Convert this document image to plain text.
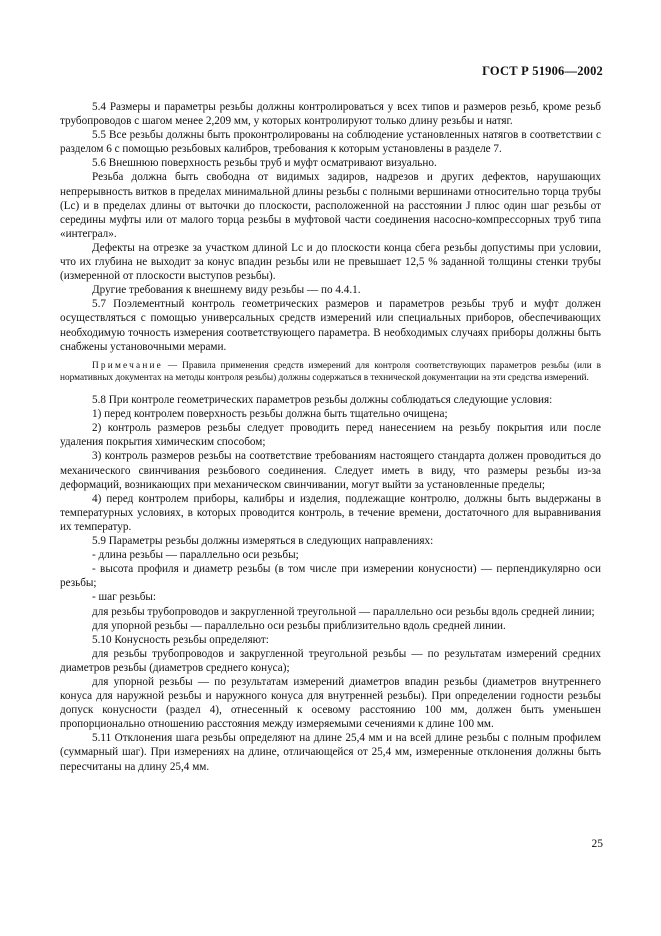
ГОСТ Р 51906—2002

5.4 Размеры и параметры резьбы должны контролироваться у всех типов и размеров резьб, кроме резьб трубопроводов с шагом менее 2,209 мм, у которых контролируют только длину резьбы и натяг.

5.5 Все резьбы должны быть проконтролированы на соблюдение установленных натягов в соответствии с разделом 6 с помощью резьбовых калибров, требования к которым установлены в разделе 7.

5.6 Внешнюю поверхность резьбы труб и муфт осматривают визуально.

Резьба должна быть свободна от видимых задиров, надрезов и других дефектов, нарушающих непрерывность витков в пределах минимальной длины резьбы с полными вершинами относительно торца трубы (Lc) и в пределах длины от выточки до плоскости, расположенной на расстоянии J плюс один шаг резьбы от середины муфты или от малого торца резьбы в муфтовой части соединения насосно-компрессорных труб типа «интеграл».

Дефекты на отрезке за участком длиной Lc и до плоскости конца сбега резьбы допустимы при условии, что их глубина не выходит за конус впадин резьбы или не превышает 12,5 % заданной толщины стенки трубы (измеренной от плоскости выступов резьбы).

Другие требования к внешнему виду резьбы — по 4.4.1.

5.7 Поэлементный контроль геометрических размеров и параметров резьбы труб и муфт должен осуществляться с помощью универсальных средств измерений или специальных приборов, обеспечивающих необходимую точность измерения соответствующего параметра. В необходимых случаях приборы должны быть снабжены установочными мерами.

Примечание — Правила применения средств измерений для контроля соответствующих параметров резьбы (или в нормативных документах на методы контроля резьбы) должны содержаться в технической документации на эти средства измерений.

5.8 При контроле геометрических параметров резьбы должны соблюдаться следующие условия:

1) перед контролем поверхность резьбы должна быть тщательно очищена;

2) контроль размеров резьбы следует проводить перед нанесением на резьбу покрытия или после удаления покрытия химическим способом;

3) контроль размеров резьбы на соответствие требованиям настоящего стандарта должен проводиться до механического свинчивания резьбового соединения. Следует иметь в виду, что размеры резьбы из-за деформаций, возникающих при механическом свинчивании, могут выйти за установленные пределы;

4) перед контролем приборы, калибры и изделия, подлежащие контролю, должны быть выдержаны в температурных условиях, в которых проводится контроль, в течение времени, достаточного для выравнивания их температур.

5.9 Параметры резьбы должны измеряться в следующих направлениях:

- длина резьбы — параллельно оси резьбы;

- высота профиля и диаметр резьбы (в том числе при измерении конусности) — перпендикулярно оси резьбы;

- шаг резьбы:

для резьбы трубопроводов и закругленной треугольной — параллельно оси резьбы вдоль средней линии;

для упорной резьбы — параллельно оси резьбы приблизительно вдоль средней линии.

5.10 Конусность резьбы определяют:

для резьбы трубопроводов и закругленной треугольной резьбы — по результатам измерений средних диаметров резьбы (диаметров среднего конуса);

для упорной резьбы — по результатам измерений диаметров впадин резьбы (диаметров внутреннего конуса для наружной резьбы и наружного конуса для внутренней резьбы). При определении годности резьбы допуск конусности (раздел 4), отнесенный к осевому расстоянию 100 мм, должен быть уменьшен пропорционально отношению расстояния между измеряемыми сечениями к длине 100 мм.

5.11 Отклонения шага резьбы определяют на длине 25,4 мм и на всей длине резьбы с полным профилем (суммарный шаг). При измерениях на длине, отличающейся от 25,4 мм, измеренные отклонения должны быть пересчитаны на длину 25,4 мм.

25
